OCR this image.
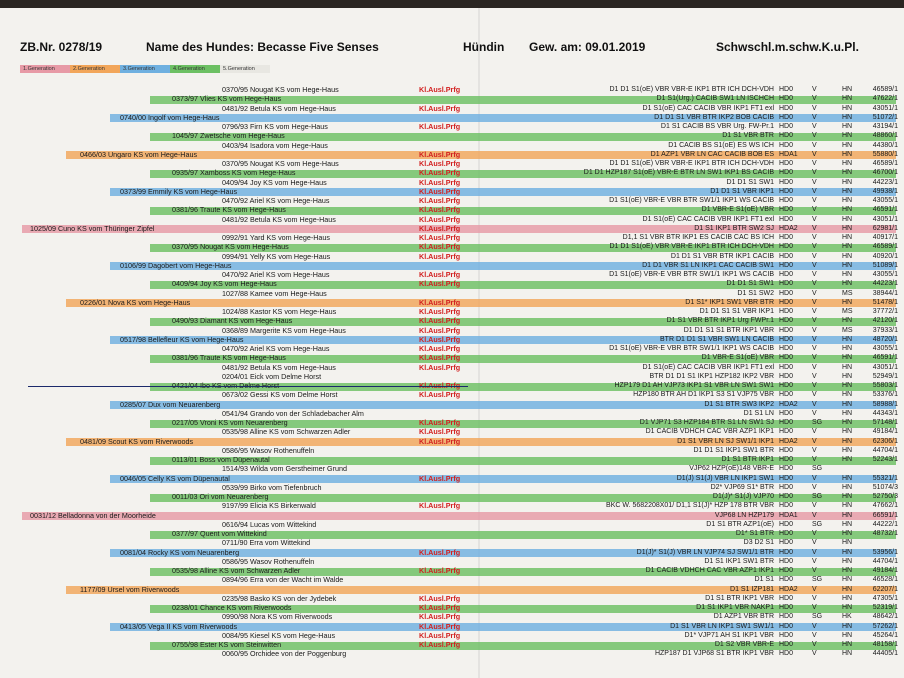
ZB.Nr. 0278/19	Name des Hundes: Becasse Five Senses	Hündin Gew. am: 09.01.2019	Schwschl.m.schw.K.u.Pl.
1.Generation	2.Generation	3.Generation	4.Generation	5.Generation
0370/95 Nougat KS vom Hege-Haus	Kl.Ausl.Prfg	D1 D1 S1(oE) VBR VBR-E IKP1 BTR ICH DCH-VDH HD0	V	HN	46589/1
0373/97 Vlies KS vom Hege-Haus	D1 S1(Urg.) CACIB SW1 LN ISCHCH HD0	V	HN	47622/1
0481/92 Betula KS vom Hege-Haus	Kl.Ausl.Prfg	D1 S1(oE) CAC CACIB VBR IKP1 FT1 exl HD0	V	HN	43051/1
0740/00 Ingolf vom Hege-Haus	D1 D1 S1 VBR BTR IKP2 BOB CACIB HD0	V	HN	51072/1
0796/93 Firn KS vom Hege-Haus	Kl.Ausl.Prfg	D1 S1 CACIB BS VBR Urg. FW-Pr.1 HD0	V	HN	43194/1
1045/97 Zwetsche vom Hege-Haus	D1 S1 VBR BTR HD0	V	HN	48860/1
0403/94 Isadora vom Hege-Haus	D1 CACIB BS S1(oE) ES WS ICH HD0	V	HN	44380/1
0466/03 Ungaro KS vom Hege-Haus	Kl.Ausl.Prfg	D1 AZP1 VBR LN CAC CACIB BOB ES HDA1 V	HN	55880/1
0370/95 Nougat KS vom Hege-Haus	Kl.Ausl.Prfg	D1 D1 S1(oE) VBR VBR-E IKP1 BTR ICH DCH-VDH HD0	V	HN	46589/1
0935/97 Xamboss KS vom Hege-Haus	Kl.Ausl.Prfg	D1 D1 HZP187 S1(oE) VBR-E BTR LN SW1 IKP1 BS CACIB HD0	V	HN	46700/1
0409/94 Joy KS vom Hege-Haus	Kl.Ausl.Prfg	D1 D1 S1 SW1 HD0	V	HN	44223/1
0373/99 Emmily KS vom Hege-Haus	Kl.Ausl.Prfg	D1 D1 S1 VBR IKP1 HD0	V	HN	49938/1
0470/92 Ariel KS vom Hege-Haus	Kl.Ausl.Prfg	D1 S1(oE) VBR-E VBR BTR SW1/1 IKP1 WS CACIB HD0	V	HN	43055/1
0381/96 Traute KS vom Hege-Haus	Kl.Ausl.Prfg	D1 VBR-E S1(oE) VBR HD0	V	HN	46591/1
0481/92 Betula KS vom Hege-Haus	Kl.Ausl.Prfg	D1 S1(oE) CAC CACIB VBR IKP1 FT1 exl HD0	V	HN	43051/1
1025/09 Cuno KS vom Thüringer Zipfel	Kl.Ausl.Prfg	D1 S1 IKP1 BTR SW2 SJ HDA2 V	HN	62981/1
0992/91 Yard KS vom Hege-Haus	Kl.Ausl.Prfg	D1,1 S1 VBR BTR IKP1 ES CACIB CAC BS ICH HD0	V	HN	40917/1
0370/95 Nougat KS vom Hege-Haus	Kl.Ausl.Prfg	D1 D1 S1(oE) VBR VBR-E IKP1 BTR ICH DCH-VDH HD0	V	HN	46589/1
0994/91 Yelly KS vom Hege-Haus	Kl.Ausl.Prfg	D1 D1 S1 VBR BTR IKP1 CACIB HD0	V	HN	40920/1
0106/99 Dagobert vom Hege-Haus	D1 D1 VBR S1 LN IKP1 CAC CACIB SW1 HD0	V	HN	51089/1
0470/92 Ariel KS vom Hege-Haus	Kl.Ausl.Prfg	D1 S1(oE) VBR-E VBR BTR SW1/1 IKP1 WS CACIB HD0	V	HN	43055/1
0409/94 Joy KS vom Hege-Haus	Kl.Ausl.Prfg	D1 D1 S1 SW1 HD0	V	HN	44223/1
1027/88 Kamee vom Hege-Haus	D1 S1 SW2 HD0	V	MS	38944/1
0226/01 Nova KS vom Hege-Haus	Kl.Ausl.Prfg	D1 S1* IKP1 SW1 VBR BTR HD0	V	HN	51478/1
1024/88 Kastor KS vom Hege-Haus	Kl.Ausl.Prfg	D1 D1 S1 S1 VBR IKP1 HD0	V	MS	37772/1
0490/93 Diamant KS vom Hege-Haus	Kl.Ausl.Prfg	D1 S1 VBR BTR IKP1 Urg FWPr.1 HD0	V	HN	42120/1
0368/89 Margerite KS vom Hege-Haus	Kl.Ausl.Prfg	D1 D1 S1 S1 BTR IKP1 VBR HD0	V	MS	37933/1
0517/98 Bellefleur KS vom Hege-Haus	Kl.Ausl.Prfg	BTR D1 D1 S1 VBR SW1 LN CACIB HD0	V	HN	48720/1
0470/92 Ariel KS vom Hege-Haus	Kl.Ausl.Prfg	D1 S1(oE) VBR-E VBR BTR SW1/1 IKP1 WS CACIB HD0	V	HN	43055/1
0381/96 Traute KS vom Hege-Haus	Kl.Ausl.Prfg	D1 VBR-E S1(oE) VBR HD0	V	HN	46591/1
0481/92 Betula KS vom Hege-Haus	Kl.Ausl.Prfg	D1 S1(oE) CAC CACIB VBR IKP1 FT1 exl HD0	V	HN	43051/1
0204/01 Eick vom Delme Horst	BTR D1 D1 S1 IKP1 HZP182 IKP2 VBR HD0	V	HN	52949/1
HZP179 D1 AH VJP73 IKP1 S1 VBR LN SW1 SW1 HD0	V	HN	55803/1
0673/02 Gessi KS vom Delme Horst	Kl.Ausl.Prfg	HZP180 BTR AH D1 IKP1 S3 S1 VJP75 VBR HD0	V	HN	53376/1
0285/07 Dux vom Neuarenberg	D1 S1 BTR SW3 IKP2 HDA2 V	HN	58988/1
0541/94 Grando von der Schladebacher Alm	D1 S1 LN HD0	V	HN	44343/1
0217/05 Vroni KS vom Neuarenberg	Kl.Ausl.Prfg	D1 VJP71 S3 HZP184 BTR S1 LN SW1 SJ HD0	SG	HN	57148/1
0535/98 Alline KS vom Schwarzen Adler	Kl.Ausl.Prfg	D1 CACIB VDHCH CAC VBR AZP1 IKP1 HD0	V	HN	49184/1
0481/09 Scout KS vom Riverwoods	Kl.Ausl.Prfg	D1 S1 VBR LN SJ SW1/1 IKP1 HDA2 V	HN	62306/1
0586/95 Wasov Rothenuffeln	D1 D1 S1 IKP1 SW1 BTR HD0	V	HN	44704/1
0113/01 Boss vom Düpenautal	D1 S1 BTR IKP1 HD0	V	HN	52243/1
1514/93 Wilda vom Gerstheimer Grund	VJP62 HZP(oE)148 VBR-E HD0	SG
0046/05 Celly KS vom Düpenautal	Kl.Ausl.Prfg	D1(J) S1(J) VBR LN IKP1 SW1 HD0	V	HN	55321/1
0539/99 Birko vom Tiefenbruch	D2* VJP69 S1* BTR HD0	V	HN	51074/3
0011/03 Ori vom Neuarenberg	D1(J)* S1(J) VJP70 HD0	SG	HN	52750/3
9197/99 Elicia KS Birkenwald	Kl.Ausl.Prfg	BKC W. 5682208X01/ D1,1 S1(J)* HZP 178 BTR VBR HD0	V	HN	47662/1
0031/12 Belladonna von der Moorheide	VJP68 LN HZP179 HDA1 V	HN	66591/1
0616/94 Lucas vom Wittekind	D1 S1 BTR AZP1(oE) HD0	SG	HN	44222/1
0377/97 Quent vom Wittekind	D1* S1 BTR HD0	V	HN	48732/1
0711/90 Erra vom Wittekind	D3 D2 S1 HD0	V	HN
0081/04 Rocky KS vom Neuarenberg	Kl.Ausl.Prfg	D1(J)* S1(J) VBR LN VJP74 SJ SW1/1 BTR HD0	V	HN	53956/1
0586/95 Wasov Rothenuffeln	D1 S1 IKP1 SW1 BTR HD0	V	HN	44704/1
0535/98 Alline KS vom Schwarzen Adler	Kl.Ausl.Prfg	D1 CACIB VDHCH CAC VBR AZP1 IKP1 HD0	V	HN	49184/1
0894/96 Erra von der Wacht im Walde	D1 S1 HD0	SG	HN	46528/1
1177/09 Ursel vom Riverwoods	D1 S1 IZP181 HDA2 V	HN	62207/1
0235/98 Basko KS von der Jydebek	Kl.Ausl.Prfg	D1 S1 BTR IKP1 VBR HD0	V	HN	47305/1
0238/01 Chance KS vom Riverwoods	Kl.Ausl.Prfg	D1 S1 IKP1 VBR NAKP1 HD0	V	HN	52319/1
0990/98 Nora KS vom Riverwoods	Kl.Ausl.Prfg	D1 AZP1 VBR BTR HD0	SG	HK	48642/1
0413/05 Vega II KS vom Riverwoods	Kl.Ausl.Prfg	D1 S1 VBR LN IKP1 SW1 SW1/1 HD0	V	HN	57262/1
0084/95 Kiesel KS vom Hege-Haus	Kl.Ausl.Prfg	D1* VJP71 AH S1 IKP1 VBR HD0	V	HN	45264/1
0755/98 Ester KS vom Steinwitten	Kl.Ausl.Prfg	D1 S2 VBR VBR-E HD0	V	HN	48158/1
0060/95 Orchidee von der Poggenburg	HZP187 D1 VJP68 S1 BTR IKP1 VBR HD0	V	HN	44405/1
